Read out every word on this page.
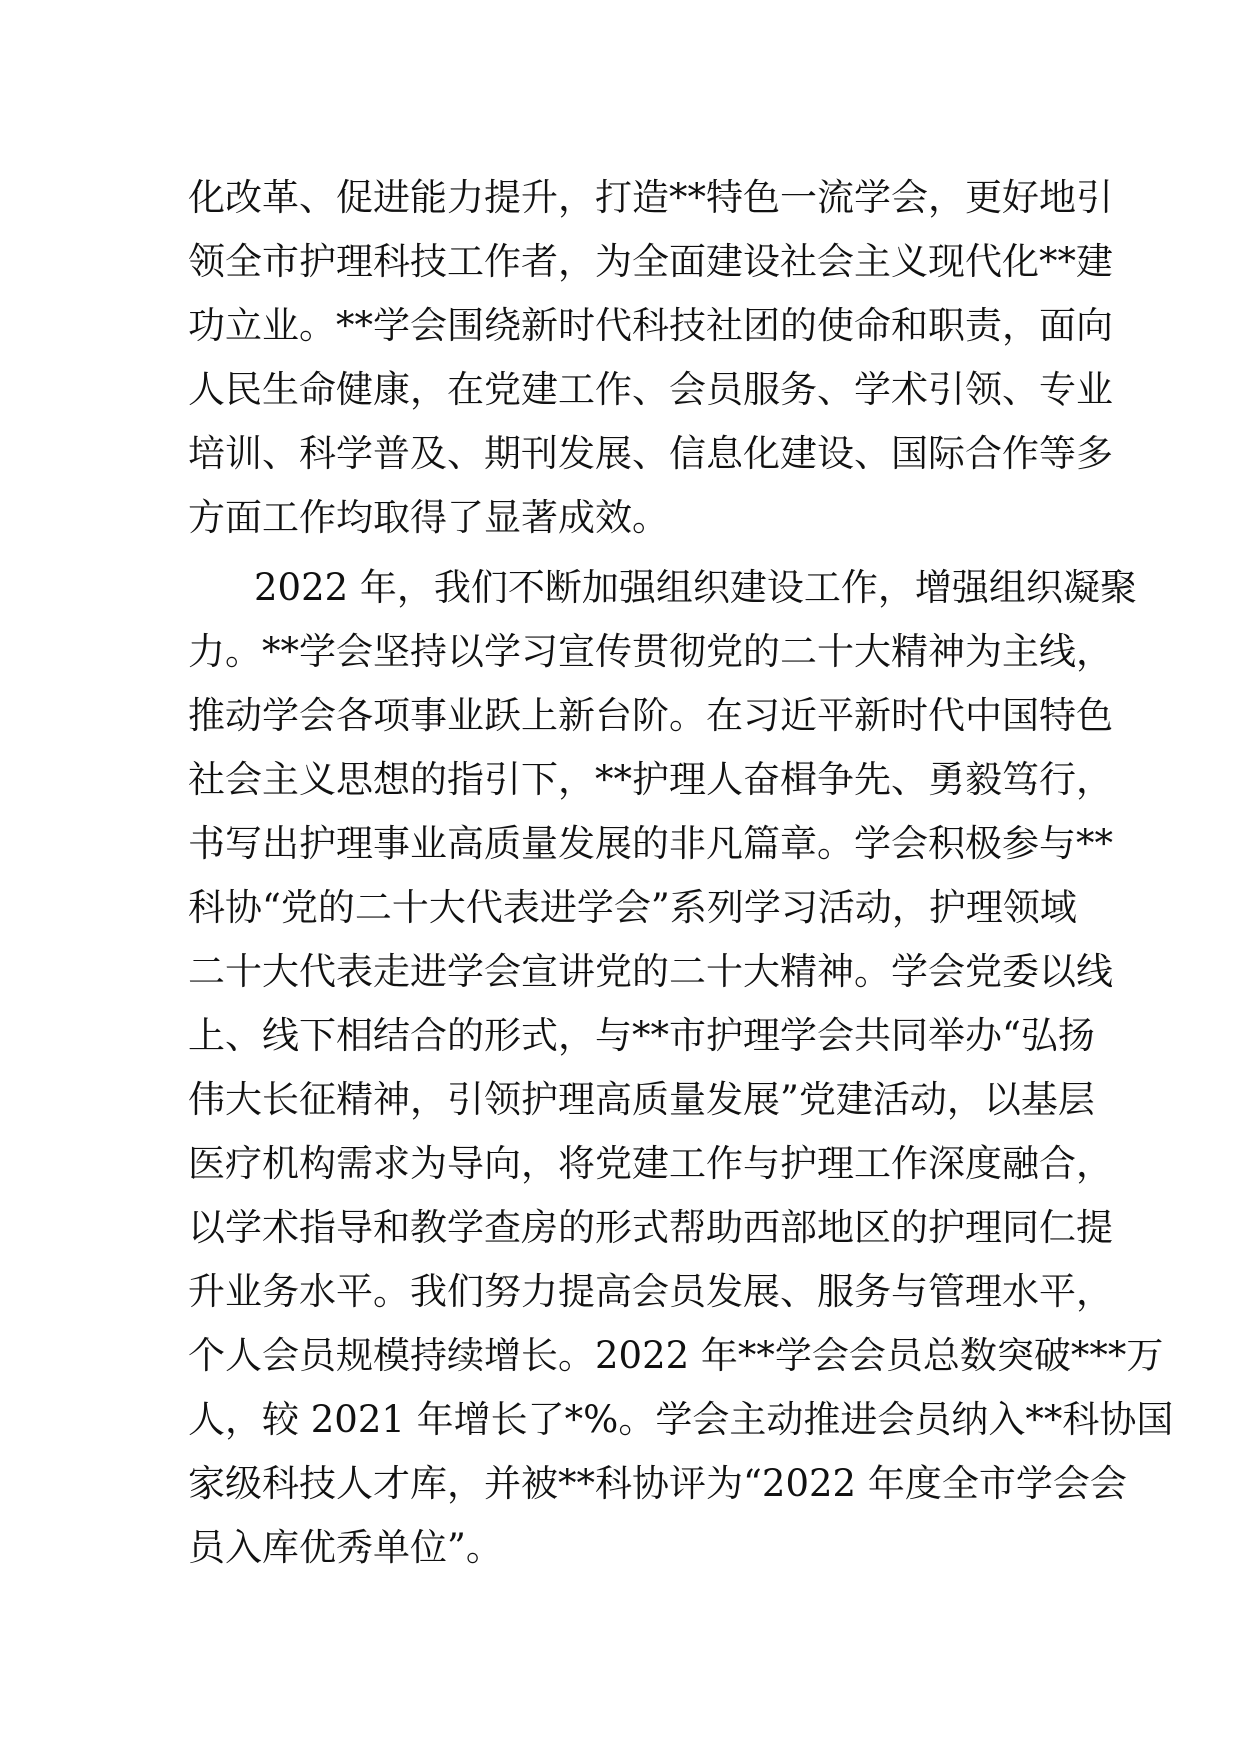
化改革、促进能力提升，打造**特色一流学会，更好地引
领全市护理科技工作者，为全面建设社会主义现代化**建
功立业。**学会围绕新时代科技社团的使命和职责，面向
人民生命健康，在党建工作、会员服务、学术引领、专业
培训、科学普及、期刊发展、信息化建设、国际合作等多
方面工作均取得了显著成效。
2022 年，我们不断加强组织建设工作，增强组织凝聚
力。**学会坚持以学习宣传贯彻党的二十大精神为主线，
推动学会各项事业跃上新台阶。在习近平新时代中国特色
社会主义思想的指引下，**护理人奋楫争先、勇毅笃行，
书写出护理事业高质量发展的非凡篇章。学会积极参与**
科协“党的二十大代表进学会”系列学习活动，护理领域
二十大代表走进学会宣讲党的二十大精神。学会党委以线
上、线下相结合的形式，与**市护理学会共同举办“弘扬
伟大长征精神，引领护理高质量发展”党建活动，以基层
医疗机构需求为导向，将党建工作与护理工作深度融合，
以学术指导和教学查房的形式帮助西部地区的护理同仁提
升业务水平。我们努力提高会员发展、服务与管理水平，
个人会员规模持续增长。2022 年**学会会员总数突破***万
人，较 2021 年增长了*%。学会主动推进会员纳入**科协国
家级科技人才库，并被**科协评为“2022 年度全市学会会
员入库优秀单位”。
